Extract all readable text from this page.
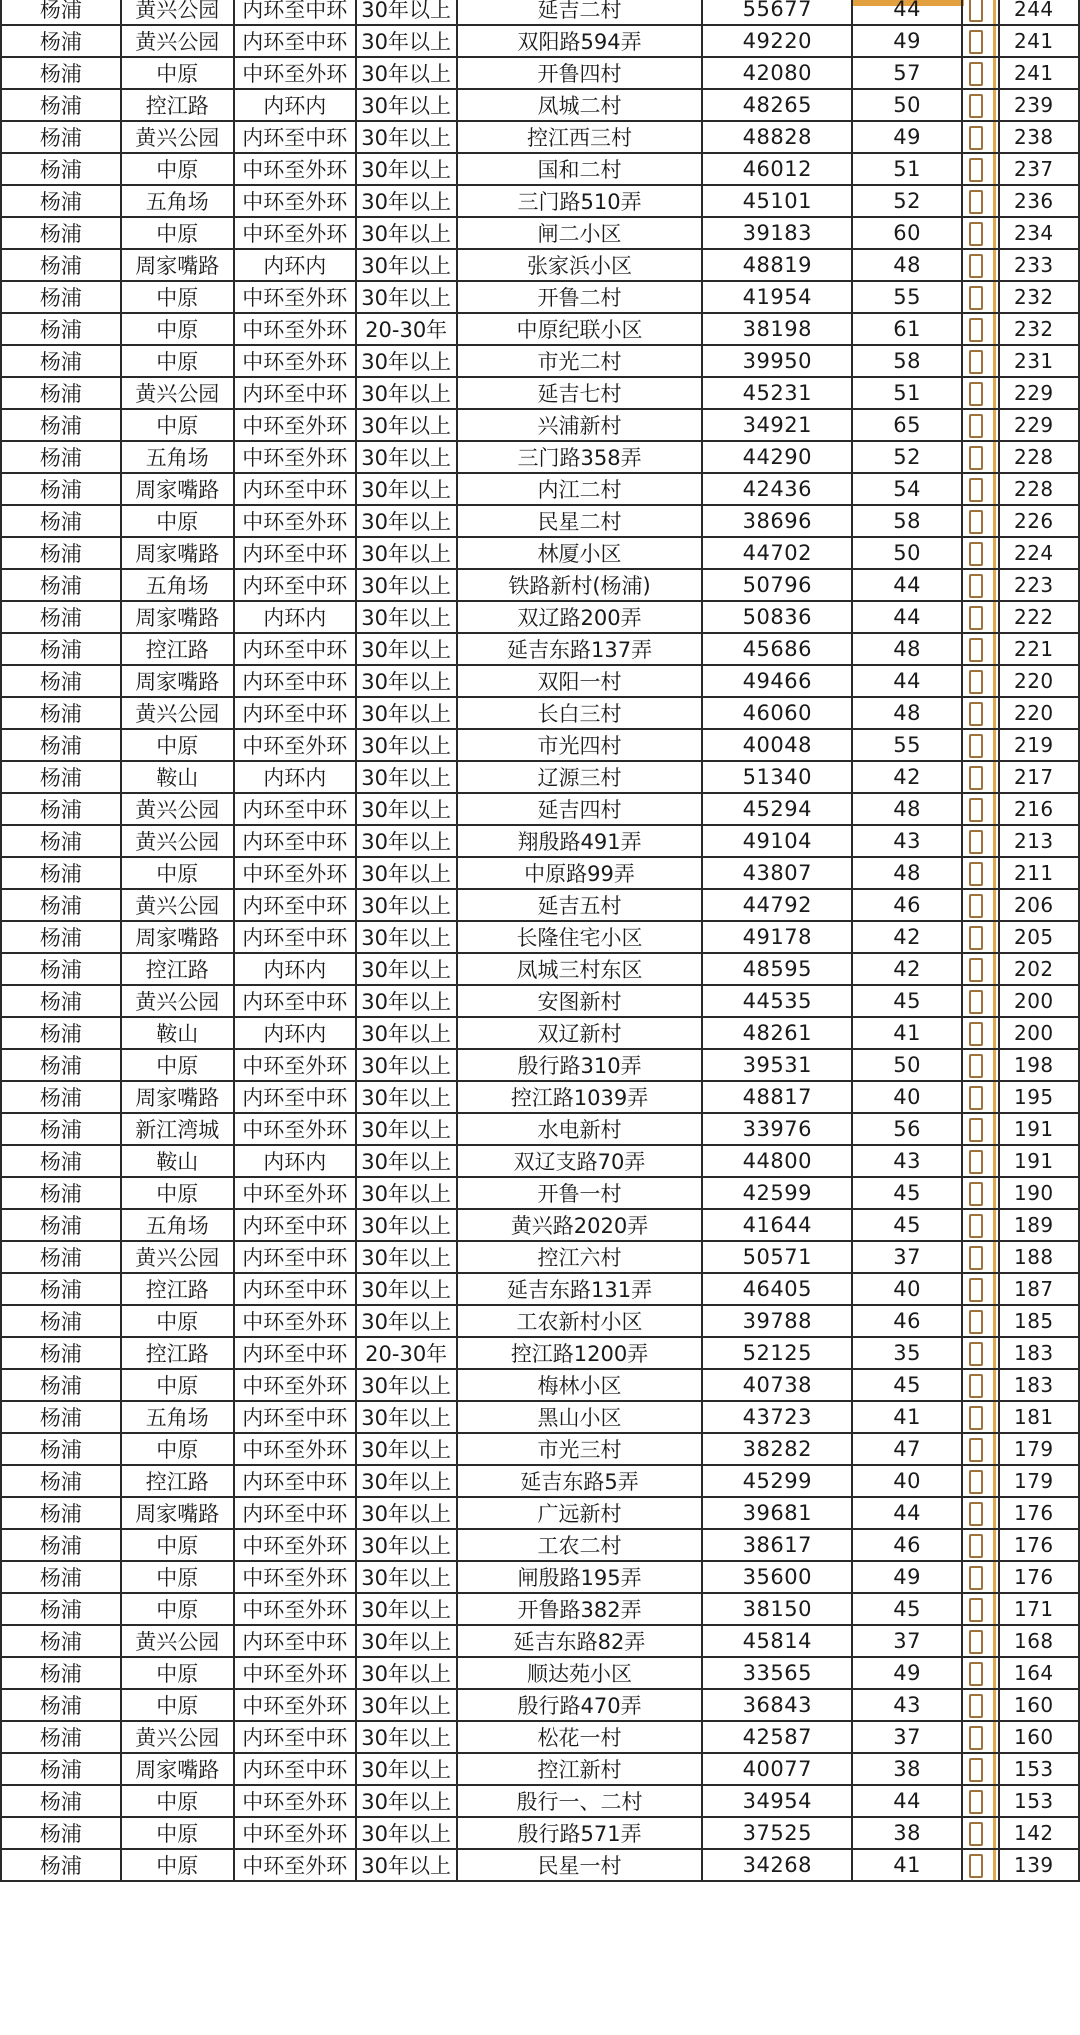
杨浦	黄兴公园	内环至中环	30年以上	延吉二村	55677	44		244
杨浦	黄兴公园	内环至中环	30年以上	双阳路594弄	49220	49		241
杨浦	中原	中环至外环	30年以上	开鲁四村	42080	57		241
杨浦	控江路	内环内	30年以上	凤城二村	48265	50		239
杨浦	黄兴公园	内环至中环	30年以上	控江西三村	48828	49		238
杨浦	中原	中环至外环	30年以上	国和二村	46012	51		237
杨浦	五角场	中环至外环	30年以上	三门路510弄	45101	52		236
杨浦	中原	中环至外环	30年以上	闸二小区	39183	60		234
杨浦	周家嘴路	内环内	30年以上	张家浜小区	48819	48		233
杨浦	中原	中环至外环	30年以上	开鲁二村	41954	55		232
杨浦	中原	中环至外环	20-30年	中原纪联小区	38198	61		232
杨浦	中原	中环至外环	30年以上	市光二村	39950	58		231
杨浦	黄兴公园	内环至中环	30年以上	延吉七村	45231	51		229
杨浦	中原	中环至外环	30年以上	兴浦新村	34921	65		229
杨浦	五角场	中环至外环	30年以上	三门路358弄	44290	52		228
杨浦	周家嘴路	内环至中环	30年以上	内江二村	42436	54		228
杨浦	中原	中环至外环	30年以上	民星二村	38696	58		226
杨浦	周家嘴路	内环至中环	30年以上	林厦小区	44702	50		224
杨浦	五角场	内环至中环	30年以上	铁路新村(杨浦)	50796	44		223
杨浦	周家嘴路	内环内	30年以上	双辽路200弄	50836	44		222
杨浦	控江路	内环至中环	30年以上	延吉东路137弄	45686	48		221
杨浦	周家嘴路	内环至中环	30年以上	双阳一村	49466	44		220
杨浦	黄兴公园	内环至中环	30年以上	长白三村	46060	48		220
杨浦	中原	中环至外环	30年以上	市光四村	40048	55		219
杨浦	鞍山	内环内	30年以上	辽源三村	51340	42		217
杨浦	黄兴公园	内环至中环	30年以上	延吉四村	45294	48		216
杨浦	黄兴公园	内环至中环	30年以上	翔殷路491弄	49104	43		213
杨浦	中原	中环至外环	30年以上	中原路99弄	43807	48		211
杨浦	黄兴公园	内环至中环	30年以上	延吉五村	44792	46		206
杨浦	周家嘴路	内环至中环	30年以上	长隆住宅小区	49178	42		205
杨浦	控江路	内环内	30年以上	凤城三村东区	48595	42		202
杨浦	黄兴公园	内环至中环	30年以上	安图新村	44535	45		200
杨浦	鞍山	内环内	30年以上	双辽新村	48261	41		200
杨浦	中原	中环至外环	30年以上	殷行路310弄	39531	50		198
杨浦	周家嘴路	内环至中环	30年以上	控江路1039弄	48817	40		195
杨浦	新江湾城	中环至外环	30年以上	水电新村	33976	56		191
杨浦	鞍山	内环内	30年以上	双辽支路70弄	44800	43		191
杨浦	中原	中环至外环	30年以上	开鲁一村	42599	45		190
杨浦	五角场	内环至中环	30年以上	黄兴路2020弄	41644	45		189
杨浦	黄兴公园	内环至中环	30年以上	控江六村	50571	37		188
杨浦	控江路	内环至中环	30年以上	延吉东路131弄	46405	40		187
杨浦	中原	中环至外环	30年以上	工农新村小区	39788	46		185
杨浦	控江路	内环至中环	20-30年	控江路1200弄	52125	35		183
杨浦	中原	中环至外环	30年以上	梅林小区	40738	45		183
杨浦	五角场	内环至中环	30年以上	黑山小区	43723	41		181
杨浦	中原	中环至外环	30年以上	市光三村	38282	47		179
杨浦	控江路	内环至中环	30年以上	延吉东路5弄	45299	40		179
杨浦	周家嘴路	内环至中环	30年以上	广远新村	39681	44		176
杨浦	中原	中环至外环	30年以上	工农二村	38617	46		176
杨浦	中原	中环至外环	30年以上	闸殷路195弄	35600	49		176
杨浦	中原	中环至外环	30年以上	开鲁路382弄	38150	45		171
杨浦	黄兴公园	内环至中环	30年以上	延吉东路82弄	45814	37		168
杨浦	中原	中环至外环	30年以上	顺达苑小区	33565	49		164
杨浦	中原	中环至外环	30年以上	殷行路470弄	36843	43		160
杨浦	黄兴公园	内环至中环	30年以上	松花一村	42587	37		160
杨浦	周家嘴路	内环至中环	30年以上	控江新村	40077	38		153
杨浦	中原	中环至外环	30年以上	殷行一、二村	34954	44		153
杨浦	中原	中环至外环	30年以上	殷行路571弄	37525	38		142
杨浦	中原	中环至外环	30年以上	民星一村	34268	41		139
